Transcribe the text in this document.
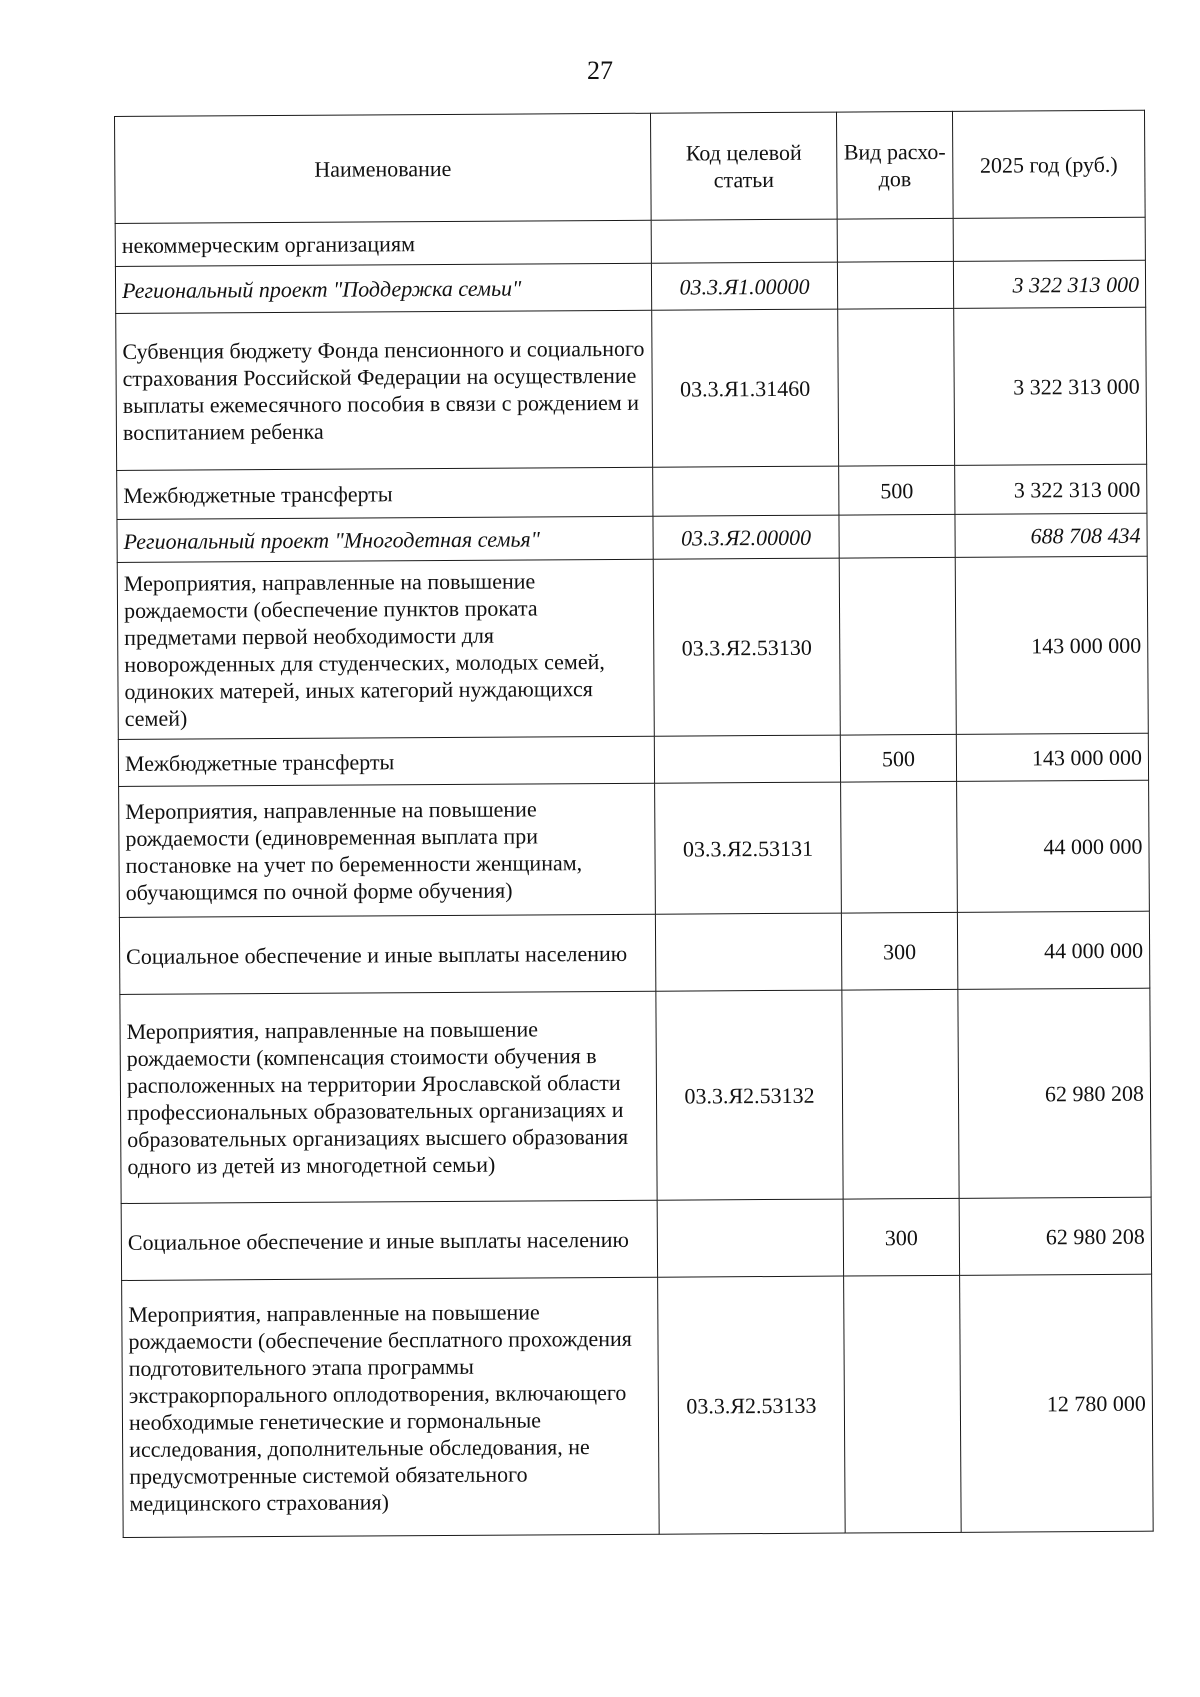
27
Наименование	Код целевой статьи	Вид расхо-дов	2025 год (руб.)
некоммерческим организациям			
Региональный проект "Поддержка семьи"	03.3.Я1.00000		3 322 313 000
Субвенция бюджету Фонда пенсионного и социального страхования Российской Федерации на осуществление выплаты ежемесячного пособия в связи с рождением и воспитанием ребенка	03.3.Я1.31460		3 322 313 000
Межбюджетные трансферты		500	3 322 313 000
Региональный проект "Многодетная семья"	03.3.Я2.00000		688 708 434
Мероприятия, направленные на повышение рождаемости (обеспечение пунктов проката предметами первой необходимости для новорожденных для студенческих, молодых семей, одиноких матерей, иных категорий нуждающихся семей)	03.3.Я2.53130		143 000 000
Межбюджетные трансферты		500	143 000 000
Мероприятия, направленные на повышение рождаемости (единовременная выплата при постановке на учет по беременности женщинам, обучающимся по очной форме обучения)	03.3.Я2.53131		44 000 000
Социальное обеспечение и иные выплаты населению		300	44 000 000
Мероприятия, направленные на повышение рождаемости (компенсация стоимости обучения в расположенных на территории Ярославской области профессиональных образовательных организациях и образовательных организациях высшего образования одного из детей из многодетной семьи)	03.3.Я2.53132		62 980 208
Социальное обеспечение и иные выплаты населению		300	62 980 208
Мероприятия, направленные на повышение рождаемости (обеспечение бесплатного прохождения подготовительного этапа программы экстракорпорального оплодотворения, включающего необходимые генетические и гормональные исследования, дополнительные обследования, не предусмотренные системой обязательного медицинского страхования)	03.3.Я2.53133		12 780 000
